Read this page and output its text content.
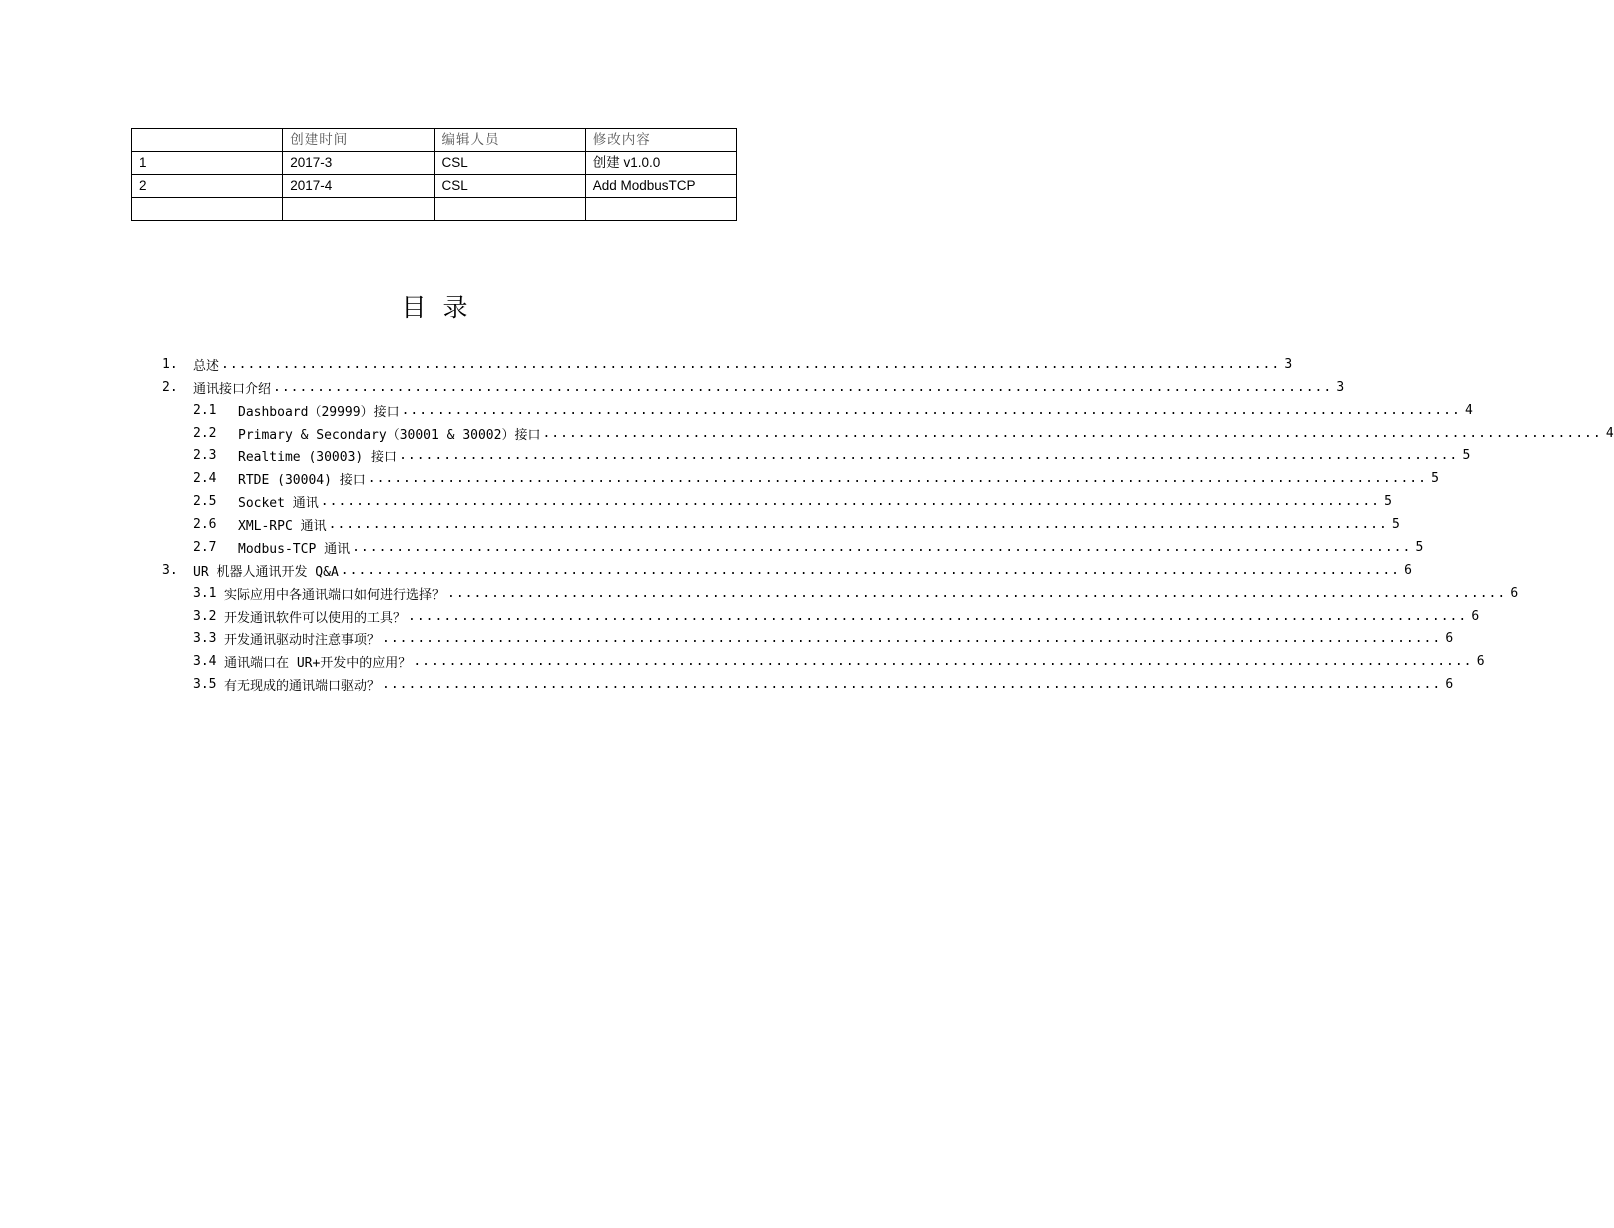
	创建时间	编辑人员	修改内容
1	2017-3	CSL	创建 v1.0.0
2	2017-4	CSL	Add ModbusTCP

目录
1.	总述 ........................................................................................................................ 3
2.	通讯接口介绍 ........................................................................................................................ 3
2.1	Dashboard（29999）接口 ........................................................................................................................ 4
2.2	Primary & Secondary（30001 & 30002）接口 ........................................................................................................................ 4
2.3	Realtime (30003) 接口 ........................................................................................................................ 5
2.4	RTDE (30004) 接口 ........................................................................................................................ 5
2.5	Socket 通讯 ........................................................................................................................ 5
2.6	XML-RPC 通讯 ........................................................................................................................ 5
2.7	Modbus-TCP 通讯 ........................................................................................................................ 5
3.	UR 机器人通讯开发 Q&A ........................................................................................................................ 6
3.1 实际应用中各通讯端口如何进行选择？ ........................................................................................................................ 6
3.2 开发通讯软件可以使用的工具？ ........................................................................................................................ 6
3.3 开发通讯驱动时注意事项？ ........................................................................................................................ 6
3.4 通讯端口在 UR+开发中的应用？ ........................................................................................................................ 6
3.5 有无现成的通讯端口驱动？ ........................................................................................................................ 6
